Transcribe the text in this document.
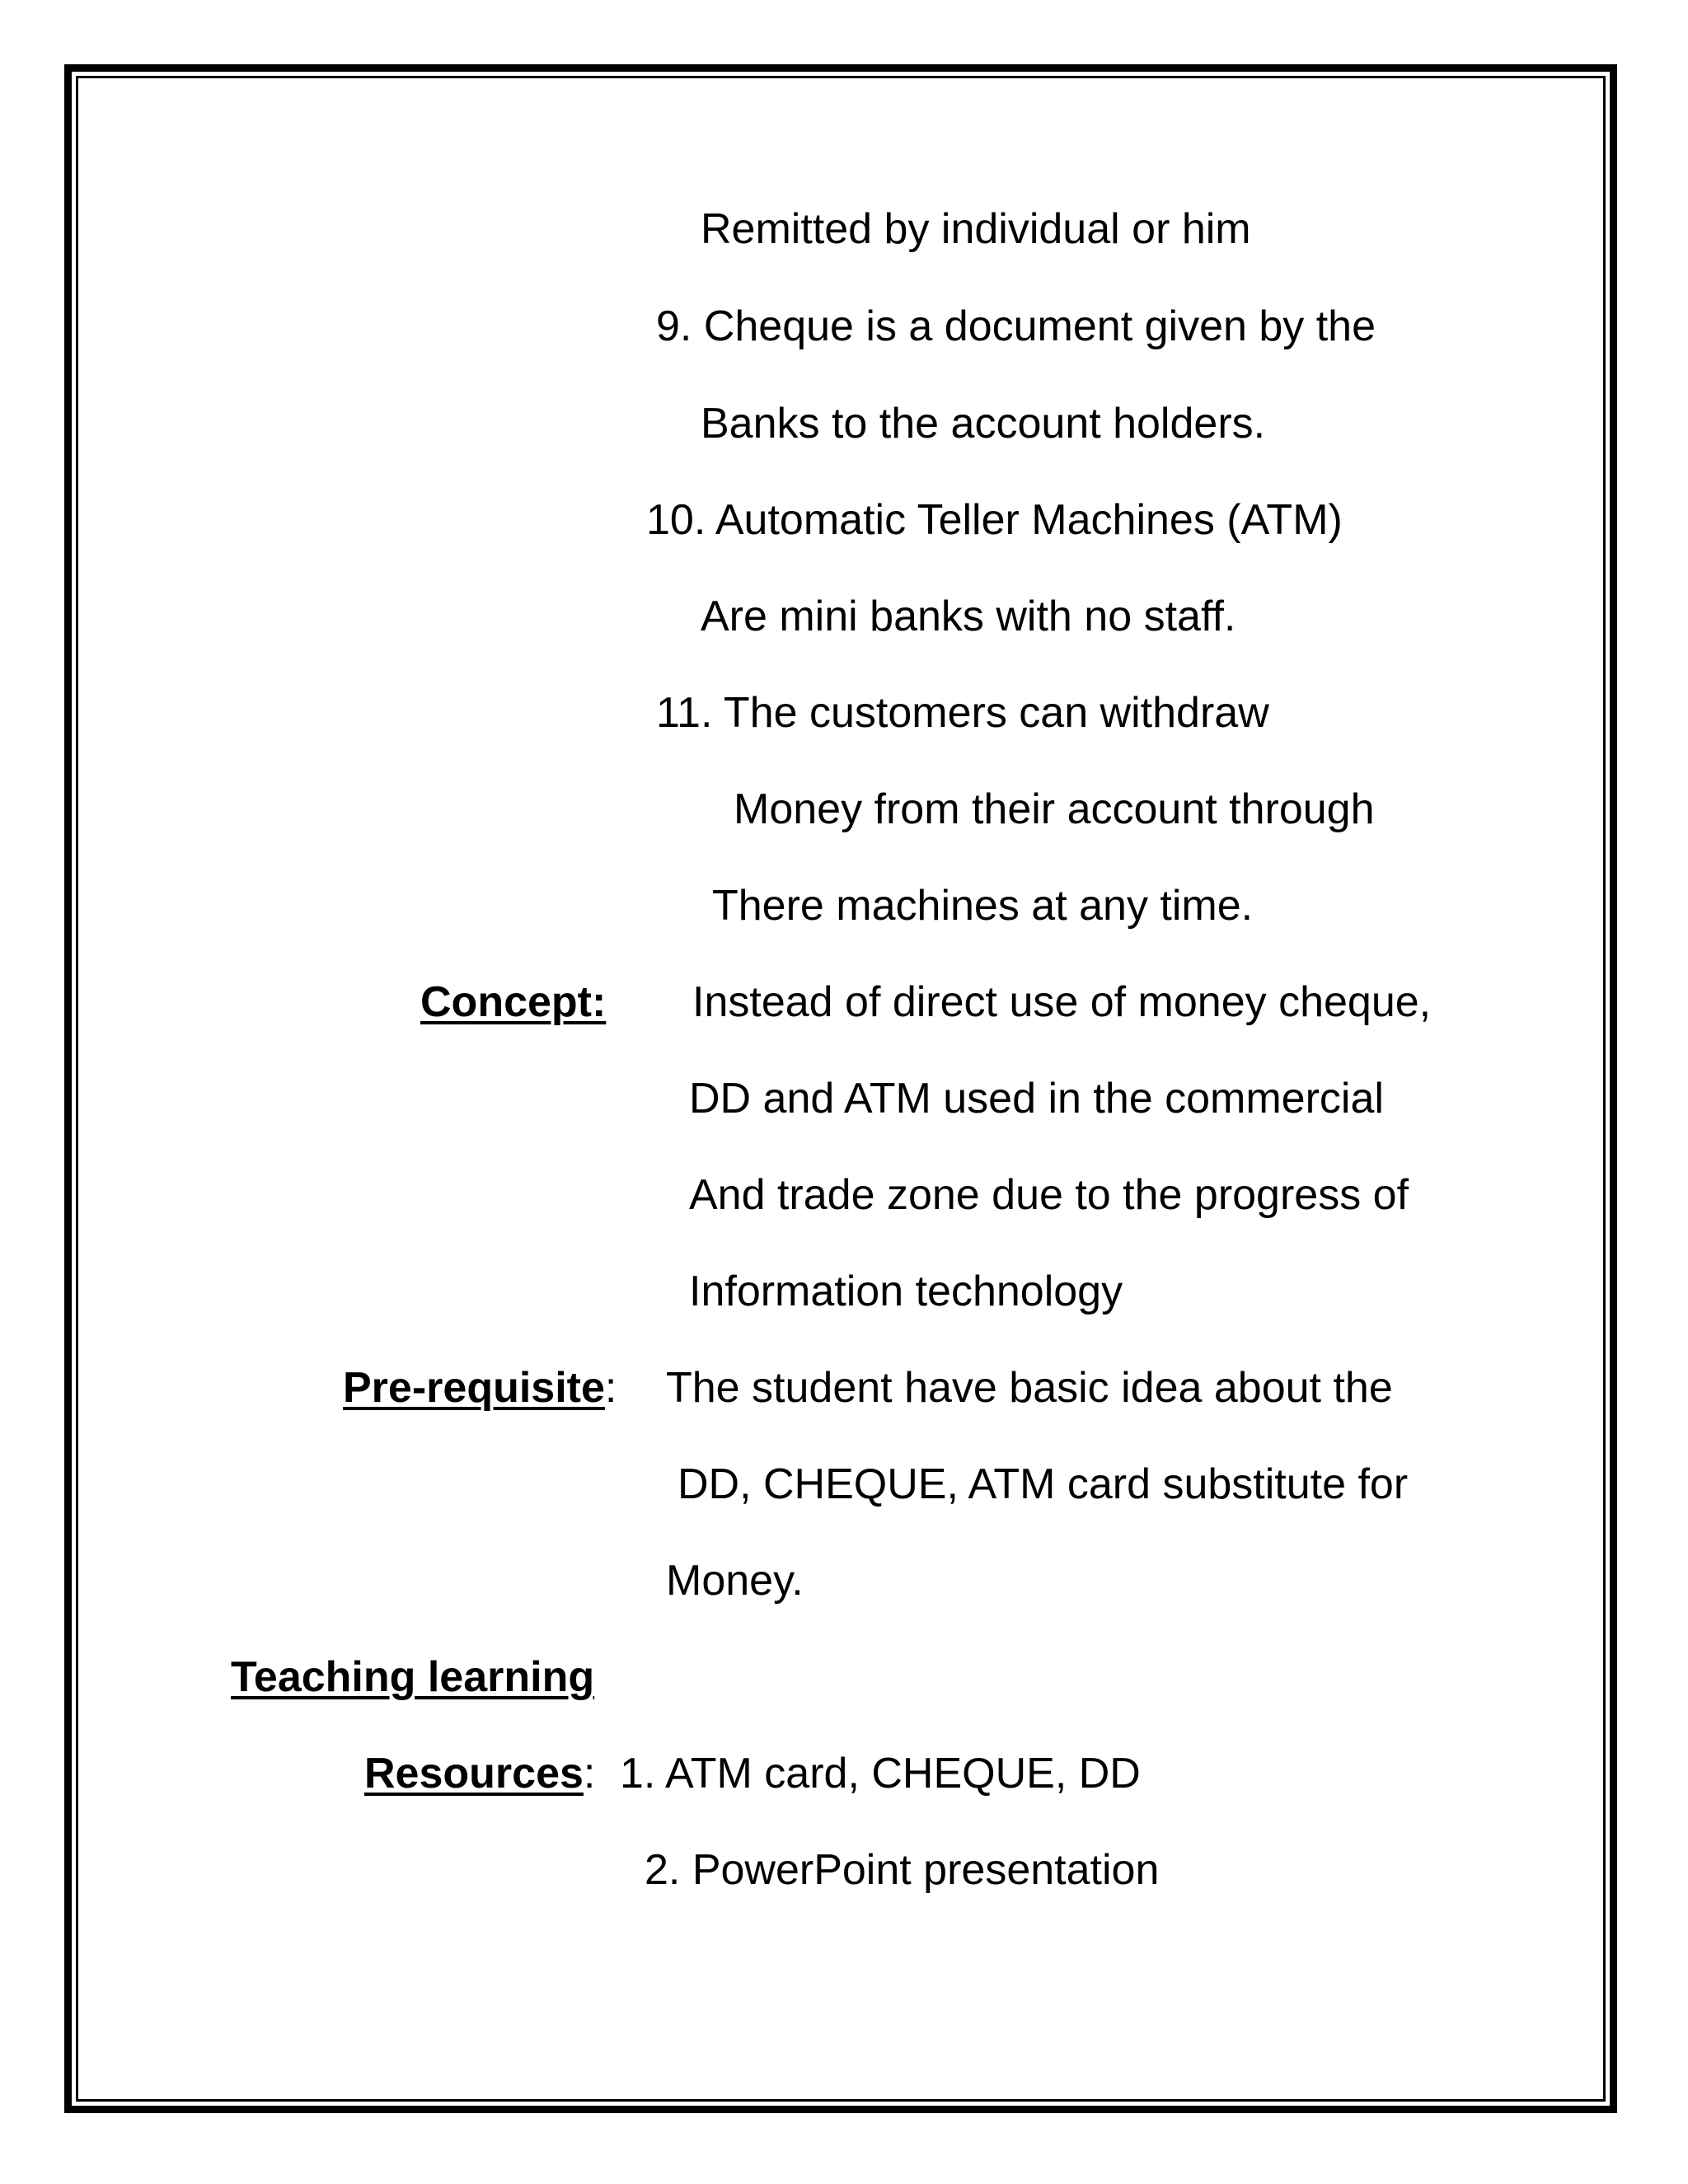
Remitted by individual or him
9. Cheque is a document given by the
Banks to the account holders.
10. Automatic Teller Machines (ATM)
Are mini banks with no staff.
11. The customers can withdraw
Money from their account through
There machines at any time.
Concept: Instead of direct use of money cheque,
DD and ATM used in the commercial
And trade zone due to the progress of
Information technology
Pre-requisite: The student have basic idea about the
DD, CHEQUE, ATM card substitute for
Money.
Teaching learning
Resources: 1. ATM card, CHEQUE, DD
2. PowerPoint presentation
